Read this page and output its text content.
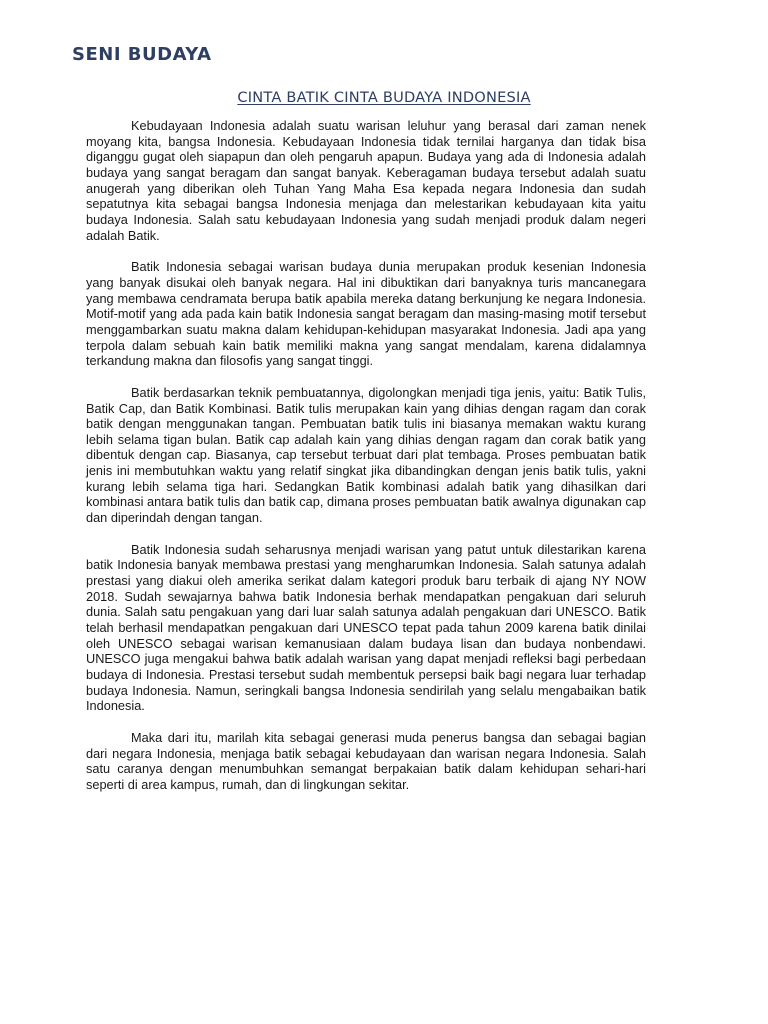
SENI BUDAYA
CINTA BATIK CINTA BUDAYA INDONESIA

Kebudayaan Indonesia adalah suatu warisan leluhur yang berasal dari zaman nenek moyang kita, bangsa Indonesia. Kebudayaan Indonesia tidak ternilai harganya dan tidak bisa diganggu gugat oleh siapapun dan oleh pengaruh apapun. Budaya yang ada di Indonesia adalah budaya yang sangat beragam dan sangat banyak. Keberagaman budaya tersebut adalah suatu anugerah yang diberikan oleh Tuhan Yang Maha Esa kepada negara Indonesia dan sudah sepatutnya kita sebagai bangsa Indonesia menjaga dan melestarikan kebudayaan kita yaitu budaya Indonesia. Salah satu kebudayaan Indonesia yang sudah menjadi produk dalam negeri adalah Batik.

Batik Indonesia sebagai warisan budaya dunia merupakan produk kesenian Indonesia yang banyak disukai oleh banyak negara. Hal ini dibuktikan dari banyaknya turis mancanegara yang membawa cendramata berupa batik apabila mereka datang berkunjung ke negara Indonesia. Motif-motif yang ada pada kain batik Indonesia sangat beragam dan masing-masing motif tersebut menggambarkan suatu makna dalam kehidupan-kehidupan masyarakat Indonesia. Jadi apa yang terpola dalam sebuah kain batik memiliki makna yang sangat mendalam, karena didalamnya terkandung makna dan filosofis yang sangat tinggi.

Batik berdasarkan teknik pembuatannya, digolongkan menjadi tiga jenis, yaitu: Batik Tulis, Batik Cap, dan Batik Kombinasi. Batik tulis merupakan kain yang dihias dengan ragam dan corak batik dengan menggunakan tangan. Pembuatan batik tulis ini biasanya memakan waktu kurang lebih selama tigan bulan. Batik cap adalah kain yang dihias dengan ragam dan corak batik yang dibentuk dengan cap. Biasanya, cap tersebut terbuat dari plat tembaga. Proses pembuatan batik jenis ini membutuhkan waktu yang relatif singkat jika dibandingkan dengan jenis batik tulis, yakni kurang lebih selama tiga hari. Sedangkan Batik kombinasi adalah batik yang dihasilkan dari kombinasi antara batik tulis dan batik cap, dimana proses pembuatan batik awalnya digunakan cap dan diperindah dengan tangan.

Batik Indonesia sudah seharusnya menjadi warisan yang patut untuk dilestarikan karena batik Indonesia banyak membawa prestasi yang mengharumkan Indonesia. Salah satunya adalah prestasi yang diakui oleh amerika serikat dalam kategori produk baru terbaik di ajang NY NOW 2018. Sudah sewajarnya bahwa batik Indonesia berhak mendapatkan pengakuan dari seluruh dunia. Salah satu pengakuan yang dari luar salah satunya adalah pengakuan dari UNESCO. Batik telah berhasil mendapatkan pengakuan dari UNESCO tepat pada tahun 2009 karena batik dinilai oleh UNESCO sebagai warisan kemanusiaan dalam budaya lisan dan budaya nonbendawi. UNESCO juga mengakui bahwa batik adalah warisan yang dapat menjadi refleksi bagi perbedaan budaya di Indonesia. Prestasi tersebut sudah membentuk persepsi baik bagi negara luar terhadap budaya Indonesia. Namun, seringkali bangsa Indonesia sendirilah yang selalu mengabaikan batik Indonesia.

Maka dari itu, marilah kita sebagai generasi muda penerus bangsa dan sebagai bagian dari negara Indonesia, menjaga batik sebagai kebudayaan dan warisan negara Indonesia. Salah satu caranya dengan menumbuhkan semangat berpakaian batik dalam kehidupan sehari-hari seperti di area kampus, rumah, dan di lingkungan sekitar.
